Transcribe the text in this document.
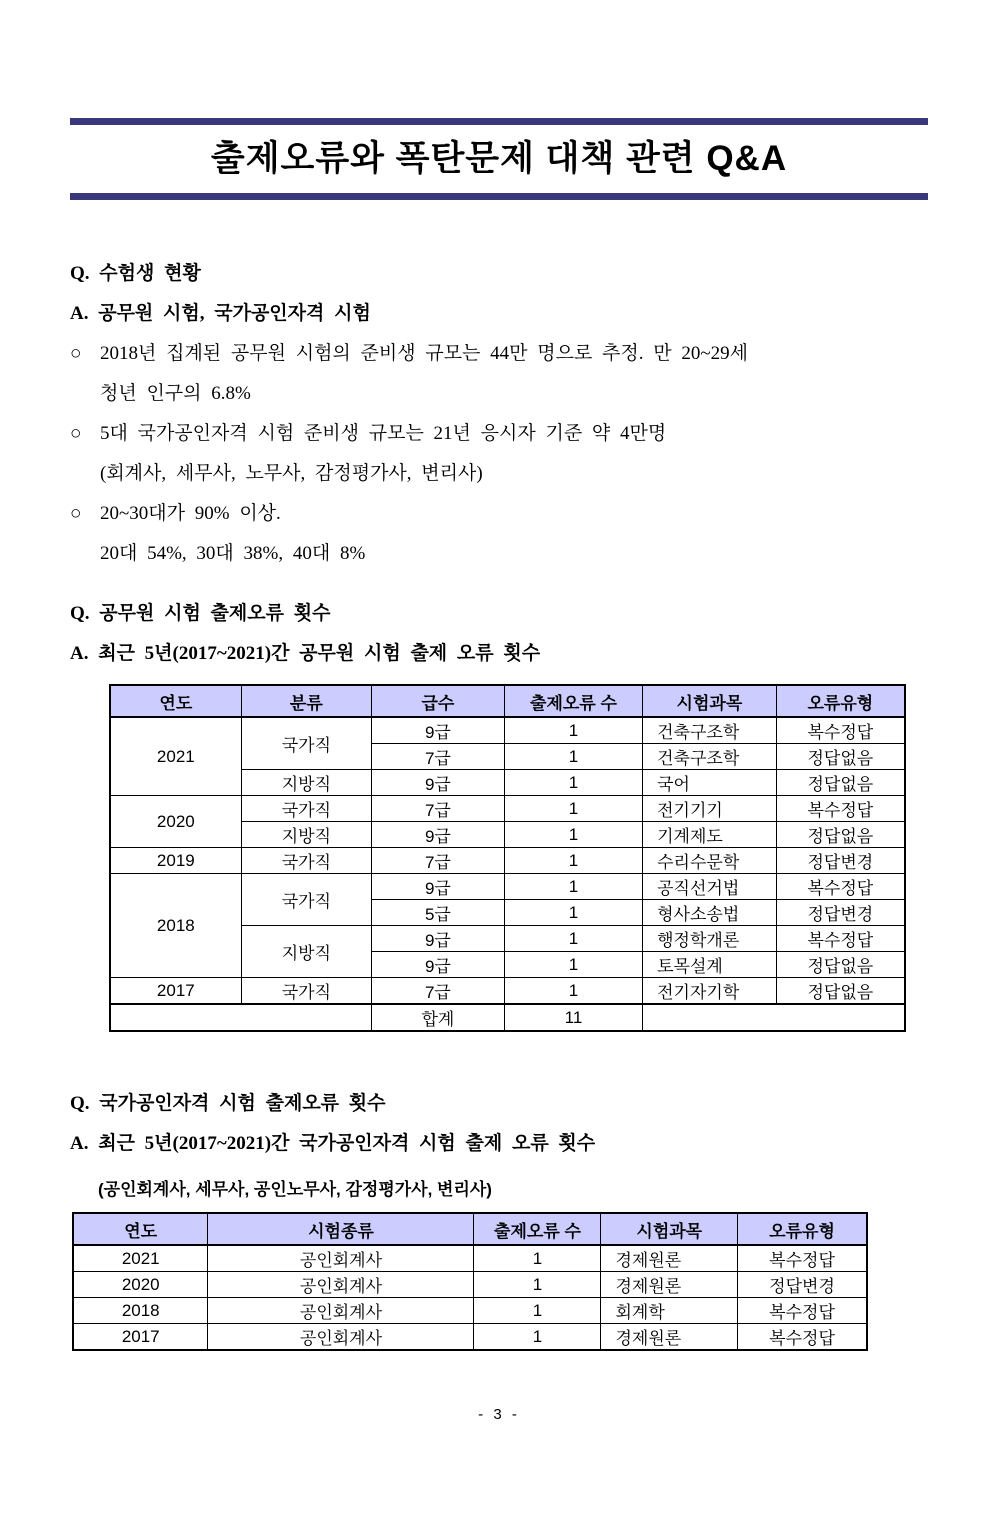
출제오류와 폭탄문제 대책 관련 Q&A
Q. 수험생 현황
A. 공무원 시험, 국가공인자격 시험
○ 2018년 집계된 공무원 시험의 준비생 규모는 44만 명으로 추정. 만 20~29세
청년 인구의 6.8%
○ 5대 국가공인자격 시험 준비생 규모는 21년 응시자 기준 약 4만명
(회계사, 세무사, 노무사, 감정평가사, 변리사)
○ 20~30대가 90% 이상.
20대 54%, 30대 38%, 40대 8%
Q. 공무원 시험 출제오류 횟수
A. 최근 5년(2017~2021)간 공무원 시험 출제 오류 횟수
연도	분류	급수	출제오류 수	시험과목	오류유형
2021	국가직	9급	1	건축구조학	복수정답
		7급	1	건축구조학	정답없음
	지방직	9급	1	국어	정답없음
2020	국가직	7급	1	전기기기	복수정답
	지방직	9급	1	기계제도	정답없음
2019	국가직	7급	1	수리수문학	정답변경
2018	국가직	9급	1	공직선거법	복수정답
		5급	1	형사소송법	정답변경
	지방직	9급	1	행정학개론	복수정답
		9급	1	토목설계	정답없음
2017	국가직	7급	1	전기자기학	정답없음
		합계	11		
Q. 국가공인자격 시험 출제오류 횟수
A. 최근 5년(2017~2021)간 국가공인자격 시험 출제 오류 횟수
(공인회계사, 세무사, 공인노무사, 감정평가사, 변리사)
연도	시험종류	출제오류 수	시험과목	오류유형
2021	공인회계사	1	경제원론	복수정답
2020	공인회계사	1	경제원론	정답변경
2018	공인회계사	1	회계학	복수정답
2017	공인회계사	1	경제원론	복수정답
- 3 -
